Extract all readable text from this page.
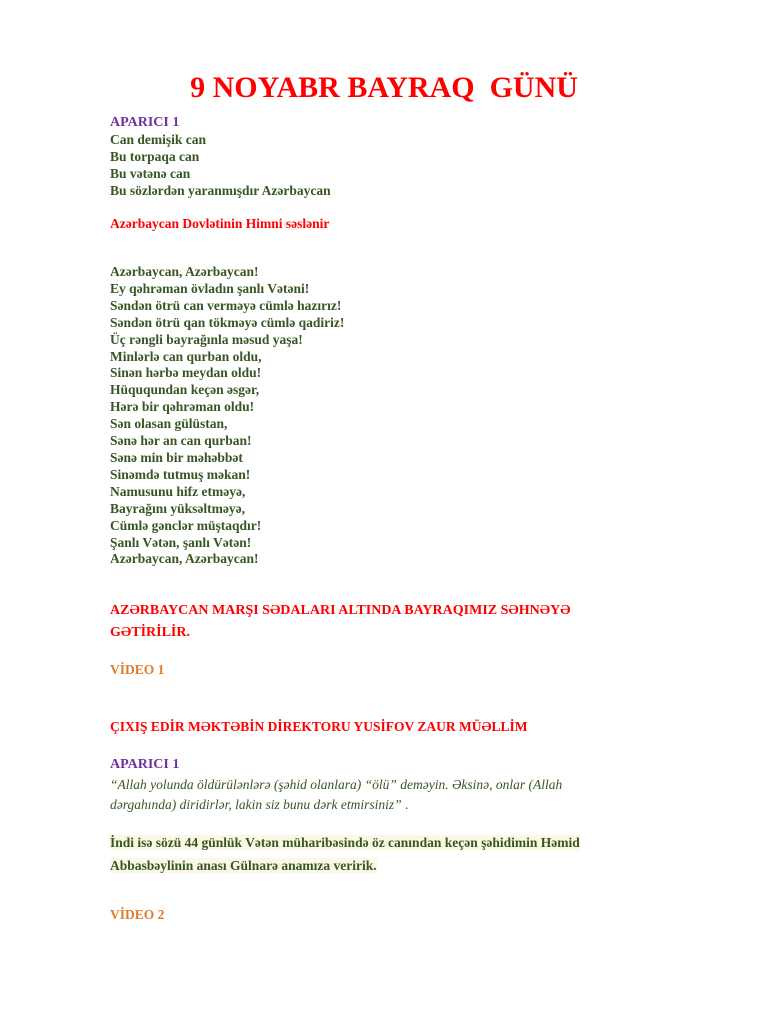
9 NOYABR BAYRAQ  GÜNÜ
APARICI 1
Can demişik can
Bu torpaqa can
Bu vətənə can
Bu sözlərdən yaranmışdır Azərbaycan
Azərbaycan Dovlətinin Himni səslənir
Azərbaycan, Azərbaycan!
Ey qəhrəman övladın şanlı Vətəni!
Səndən ötrü can verməyə cümlə hazırız!
Səndən ötrü qan tökməyə cümlə qadiriz!
Üç rəngli bayrağınla məsud yaşa!
Minlərlə can qurban oldu,
Sinən hərbə meydan oldu!
Hüququndan keçən əsgər,
Hərə bir qəhrəman oldu!
Sən olasan gülüstan,
Sənə hər an can qurban!
Sənə min bir məhəbbət
Sinəmdə tutmuş məkan!
Namusunu hifz etməyə,
Bayrağını yüksəltməyə,
Cümlə gənclər müştaqdır!
Şanlı Vətən, şanlı Vətən!
Azərbaycan, Azərbaycan!
AZƏRBAYCAN MARŞI SƏDALARI ALTINDA BAYRAQIMIZ SƏHNƏYƏ
GƏTİRİLİR.
VİDEO 1
ÇIXIŞ EDİR MƏKTƏBİN DİREKTORU YUSİFOV ZAUR MÜƏLLİM
APARICI 1
“Allah yolunda öldürülənlərə (şəhid olanlara) “ölü” deməyin. Əksinə, onlar (Allah
dərgahında) diridirlər, lakin siz bunu dərk etmirsiniz” .
İndi isə sözü 44 günlük Vətən müharibəsində öz canından keçən şəhidimin Həmid
Abbasbəylinin anası Gülnarə anamıza veririk.
VİDEO 2
